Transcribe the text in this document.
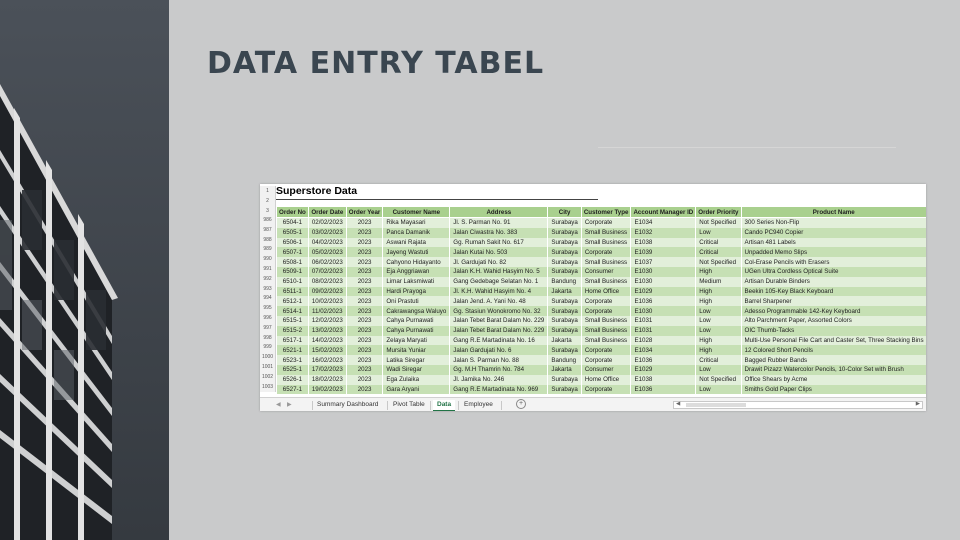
DATA ENTRY TABEL
1
2
Superstore Data
3
986
987
988
989
990
991
992
993
994
995
996
997
998
999
1000
1001
1002
1003
Order No	Order Date	Order Year	Customer Name	Address	City	Customer Type	Account Manager ID	Order Priority	Product Name
6504-1	02/02/2023	2023	Rika Mayasari	Jl. S. Parman No. 91	Surabaya	Corporate	E1034	Not Specified	300 Series Non-Flip
6505-1	03/02/2023	2023	Panca Damanik	Jalan Ciwastra No. 383	Surabaya	Small Business	E1032	Low	Cando PC940 Copier
6506-1	04/02/2023	2023	Aswani Rajata	Gg. Rumah Sakit No. 617	Surabaya	Small Business	E1038	Critical	Artisan 481 Labels
6507-1	05/02/2023	2023	Jayeng Wastuti	Jalan Kutai No. 503	Surabaya	Corporate	E1039	Critical	Unpadded Memo Slips
6508-1	06/02/2023	2023	Cahyono Hidayanto	Jl. Gardujati No. 82	Surabaya	Small Business	E1037	Not Specified	Col-Erase Pencils with Erasers
6509-1	07/02/2023	2023	Eja Anggriawan	Jalan K.H. Wahid Hasyim No. 5	Surabaya	Consumer	E1030	High	UGen Ultra Cordless Optical Suite
6510-1	08/02/2023	2023	Limar Laksmiwati	Gang Gedebage Selatan No. 1	Bandung	Small Business	E1030	Medium	Artisan Durable Binders
6511-1	09/02/2023	2023	Hardi Prayoga	Jl. K.H. Wahid Hasyim No. 4	Jakarta	Home Office	E1029	High	Beekin 105-Key Black Keyboard
6512-1	10/02/2023	2023	Oni Prastuti	Jalan Jend. A. Yani No. 48	Surabaya	Corporate	E1036	High	Barrel Sharpener
6514-1	11/02/2023	2023	Cakrawangsa Waluyo	Gg. Stasiun Wonokromo No. 32	Surabaya	Corporate	E1030	Low	Adesso Programmable 142-Key Keyboard
6515-1	12/02/2023	2023	Cahya Purnawati	Jalan Tebet Barat Dalam No. 229	Surabaya	Small Business	E1031	Low	Alto Parchment Paper, Assorted Colors
6515-2	13/02/2023	2023	Cahya Purnawati	Jalan Tebet Barat Dalam No. 229	Surabaya	Small Business	E1031	Low	OIC Thumb-Tacks
6517-1	14/02/2023	2023	Zelaya Maryati	Gang R.E Martadinata No. 16	Jakarta	Small Business	E1028	High	Multi-Use Personal File Cart and Caster Set, Three Stacking Bins
6521-1	15/02/2023	2023	Mursita Yuniar	Jalan Gardujati No. 6	Surabaya	Corporate	E1034	High	12 Colored Short Pencils
6523-1	16/02/2023	2023	Latika Siregar	Jalan S. Parman No. 88	Bandung	Corporate	E1036	Critical	Bagged Rubber Bands
6525-1	17/02/2023	2023	Wadi Siregar	Gg. M.H Thamrin No. 784	Jakarta	Consumer	E1029	Low	Drawit Pizazz Watercolor Pencils, 10-Color Set with Brush
6526-1	18/02/2023	2023	Ega Zulaika	Jl. Jamika No. 246	Surabaya	Home Office	E1038	Not Specified	Office Shears by Acme
6527-1	19/02/2023	2023	Gara Aryani	Gang R.E Martadinata No. 969	Surabaya	Corporate	E1036	Low	Smiths Gold Paper Clips
◀ ▶	Summary Dashboard Pivot Table	Data	Employee	+	◀	▶
